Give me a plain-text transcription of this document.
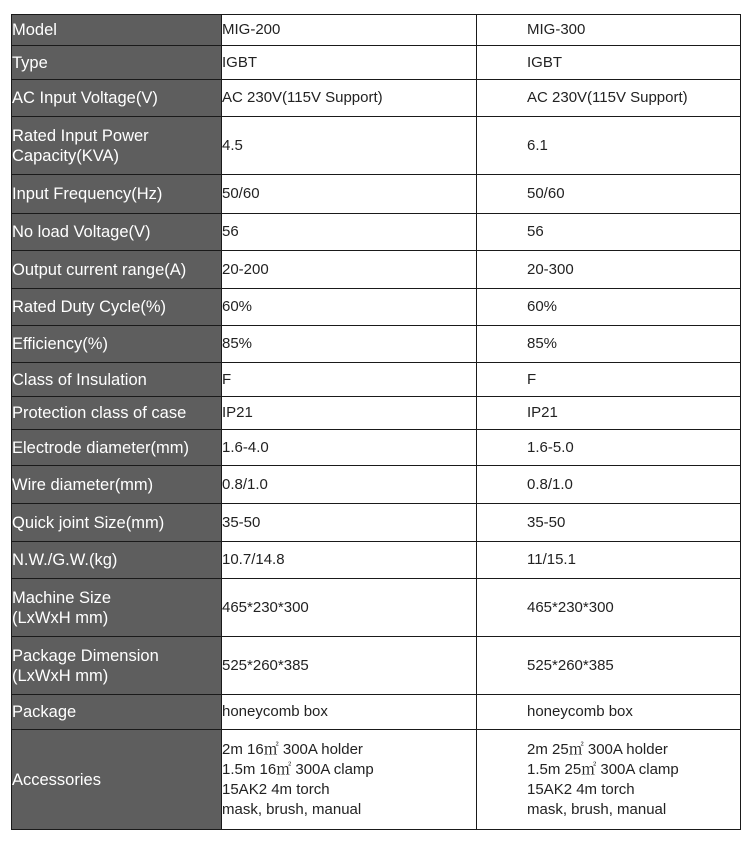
Model	MIG-200	MIG-300
Type	IGBT	IGBT
AC Input Voltage(V)	AC 230V(115V Support)	AC 230V(115V Support)

Rated Input Power
Capacity(KVA)	4.5	6.1
Input Frequency(Hz)	50/60	50/60
No load Voltage(V)	56	56
Output current range(A)	20-200	20-300
Rated Duty Cycle(%)	60%	60%
Efficiency(%)	85%	85%
Class of Insulation	F	F
Protection class of case	IP21	IP21
Electrode diameter(mm)	1.6-4.0	1.6-5.0
Wire diameter(mm)	0.8/1.0	0.8/1.0
Quick joint Size(mm)	35-50	35-50
N.W./G.W.(kg)	10.7/14.8	11/15.1

Machine Size
(LxWxH mm)	465*230*300	465*230*300

Package Dimension
(LxWxH mm)	525*260*385	525*260*385
Package	honeycomb box	honeycomb box
Accessories	2m 16㎡ 300A holder
1.5m 16㎡ 300A clamp
15AK2 4m torch
mask, brush, manual	2m 25㎡ 300A holder
1.5m 25㎡ 300A clamp
15AK2 4m torch
mask, brush, manual
